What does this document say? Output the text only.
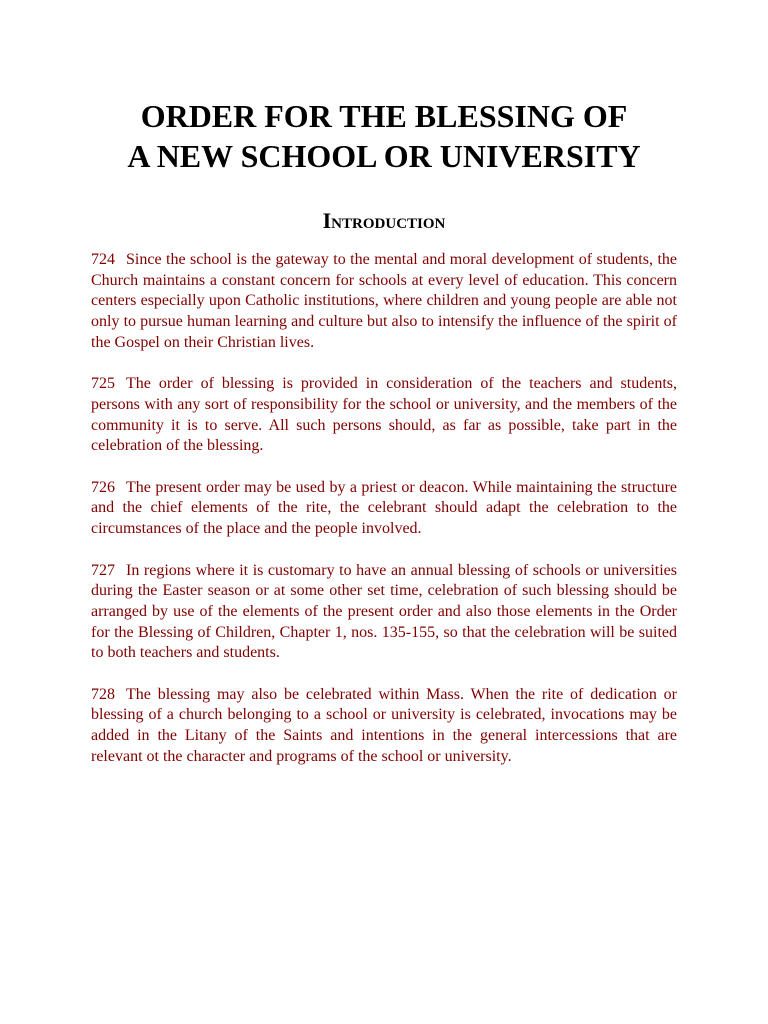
ORDER FOR THE BLESSING OF
A NEW SCHOOL OR UNIVERSITY
Introduction

724 Since the school is the gateway to the mental and moral development of students, the Church maintains a constant concern for schools at every level of education. This concern centers especially upon Catholic institutions, where children and young people are able not only to pursue human learning and culture but also to intensify the influence of the spirit of the Gospel on their Christian lives.

725 The order of blessing is provided in consideration of the teachers and students, persons with any sort of responsibility for the school or university, and the members of the community it is to serve. All such persons should, as far as possible, take part in the celebration of the blessing.

726 The present order may be used by a priest or deacon. While maintaining the structure and the chief elements of the rite, the celebrant should adapt the celebration to the circumstances of the place and the people involved.

727 In regions where it is customary to have an annual blessing of schools or universities during the Easter season or at some other set time, celebration of such blessing should be arranged by use of the elements of the present order and also those elements in the Order for the Blessing of Children, Chapter 1, nos. 135-155, so that the celebration will be suited to both teachers and students.

728 The blessing may also be celebrated within Mass. When the rite of dedication or blessing of a church belonging to a school or university is celebrated, invocations may be added in the Litany of the Saints and intentions in the general intercessions that are relevant ot the character and programs of the school or university.
